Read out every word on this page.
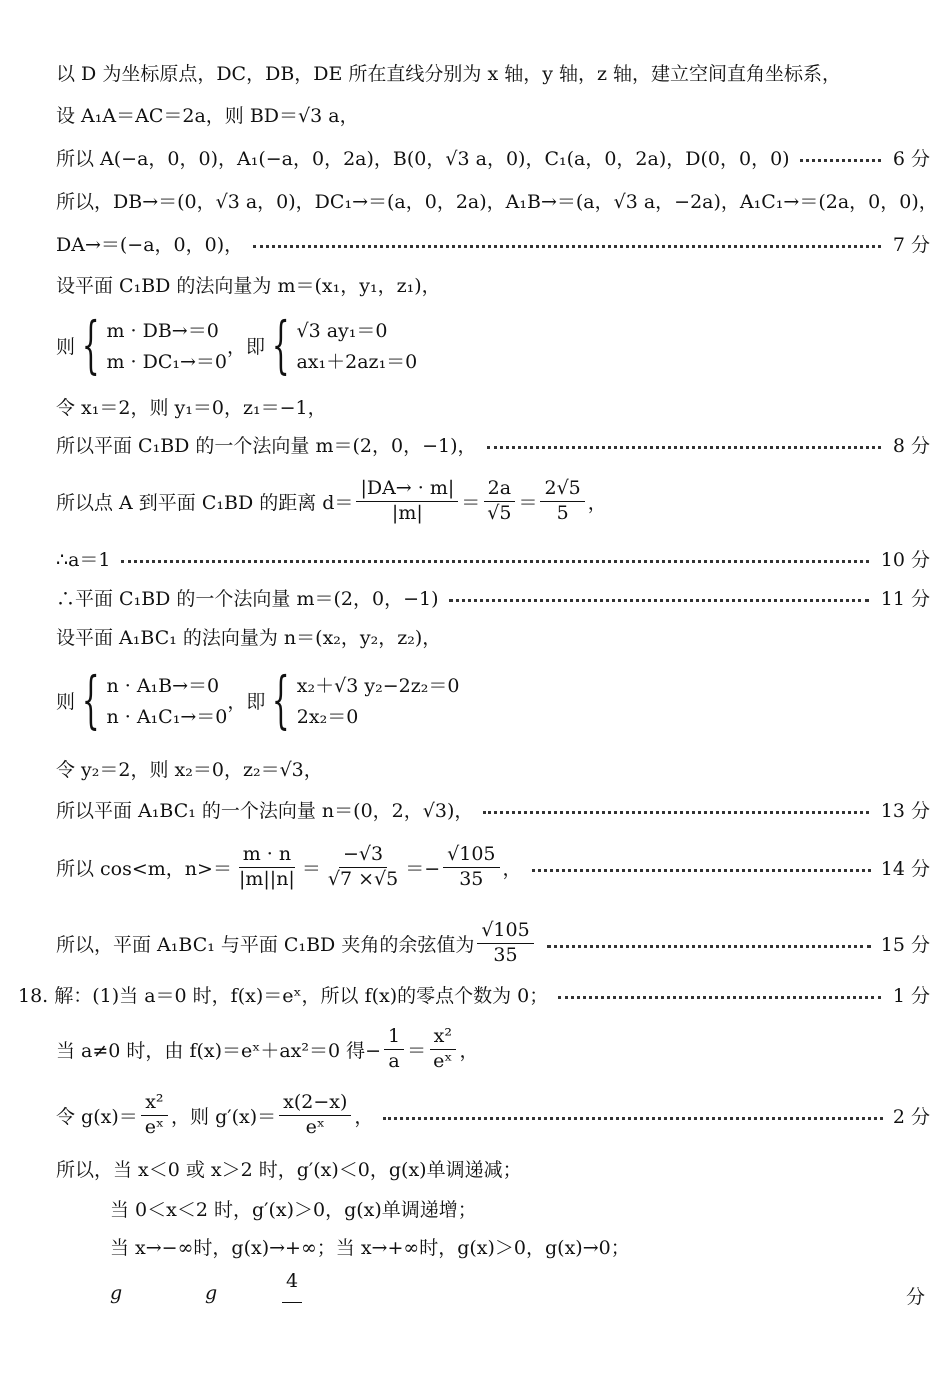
以 D 为坐标原点，DC，DB，DE 所在直线分别为 x 轴，y 轴，z 轴，建立空间直角坐标系，
设 A₁A＝AC＝2a，则 BD＝√3 a，
所以 A(−a，0，0)，A₁(−a，0，2a)，B(0，√3 a，0)，C₁(a，0，2a)，D(0，0，0)	6 分
所以，DB→＝(0，√3 a，0)，DC₁→＝(a，0，2a)，A₁B→＝(a，√3 a，−2a)，A₁C₁→＝(2a，0，0)，
DA→＝(−a，0，0)，	7 分
设平面 C₁BD 的法向量为 m＝(x₁，y₁，z₁)，
则 { m · DB→＝0
m · DC₁→＝0
，即 { √3 ay₁＝0
ax₁＋2az₁＝0
令 x₁＝2，则 y₁＝0，z₁＝−1，
所以平面 C₁BD 的一个法向量 m＝(2，0，−1)，	8 分
所以点 A 到平面 C₁BD 的距离 $d= \frac{|DA\to \cdot m|}{|m|} = \frac{2a}{√5} = \frac{2√5}{5}$ ，
∴a＝1	10 分
∴平面 C₁BD 的一个法向量 m＝(2，0，−1)	11 分
设平面 A₁BC₁ 的法向量为 n＝(x₂，y₂，z₂)，
则 { n · A₁B→＝0
n · A₁C₁→＝0
，即 { x₂＋√3 y₂−2z₂＝0
2x₂＝0
令 y₂＝2，则 x₂＝0，z₂＝√3，
所以平面 A₁BC₁ 的一个法向量 n＝(0，2，√3)，	13 分
所以 cos<m，$n>= \frac{m \cdot n}{|m||n|} = \frac{-√3}{√7 \times√5} =- \frac{√105}{35}$ ，	14 分
所以，平面 A₁BC₁ 与平面 C₁BD 夹角的余弦值为 $\frac{√105}{35}$	15 分
18. 解：(1)当 a＝0 时，f(x)＝eˣ，所以 f(x)的零点个数为 0；	1 分
当 a≠0 时，由 f(x)＝eˣ＋ax²＝0 得− $\frac{1}{a} = \frac{\text{x²}}{\text{eˣ}}$ ，
令 $g(x)= \frac{\text{x²}}{\text{eˣ}}$ ，则 $g'(x)= \frac{x(2-x)}{\text{eˣ}}$ ，	2 分
所以，当 x＜0 或 x＞2 时，g′(x)＜0，g(x)单调递减；
当 0＜x＜2 时，g′(x)＞0，g(x)单调递增；
当 x→−∞时，g(x)→+∞；当 x→+∞时，g(x)＞0，g(x)→0；
g	g
4
分
